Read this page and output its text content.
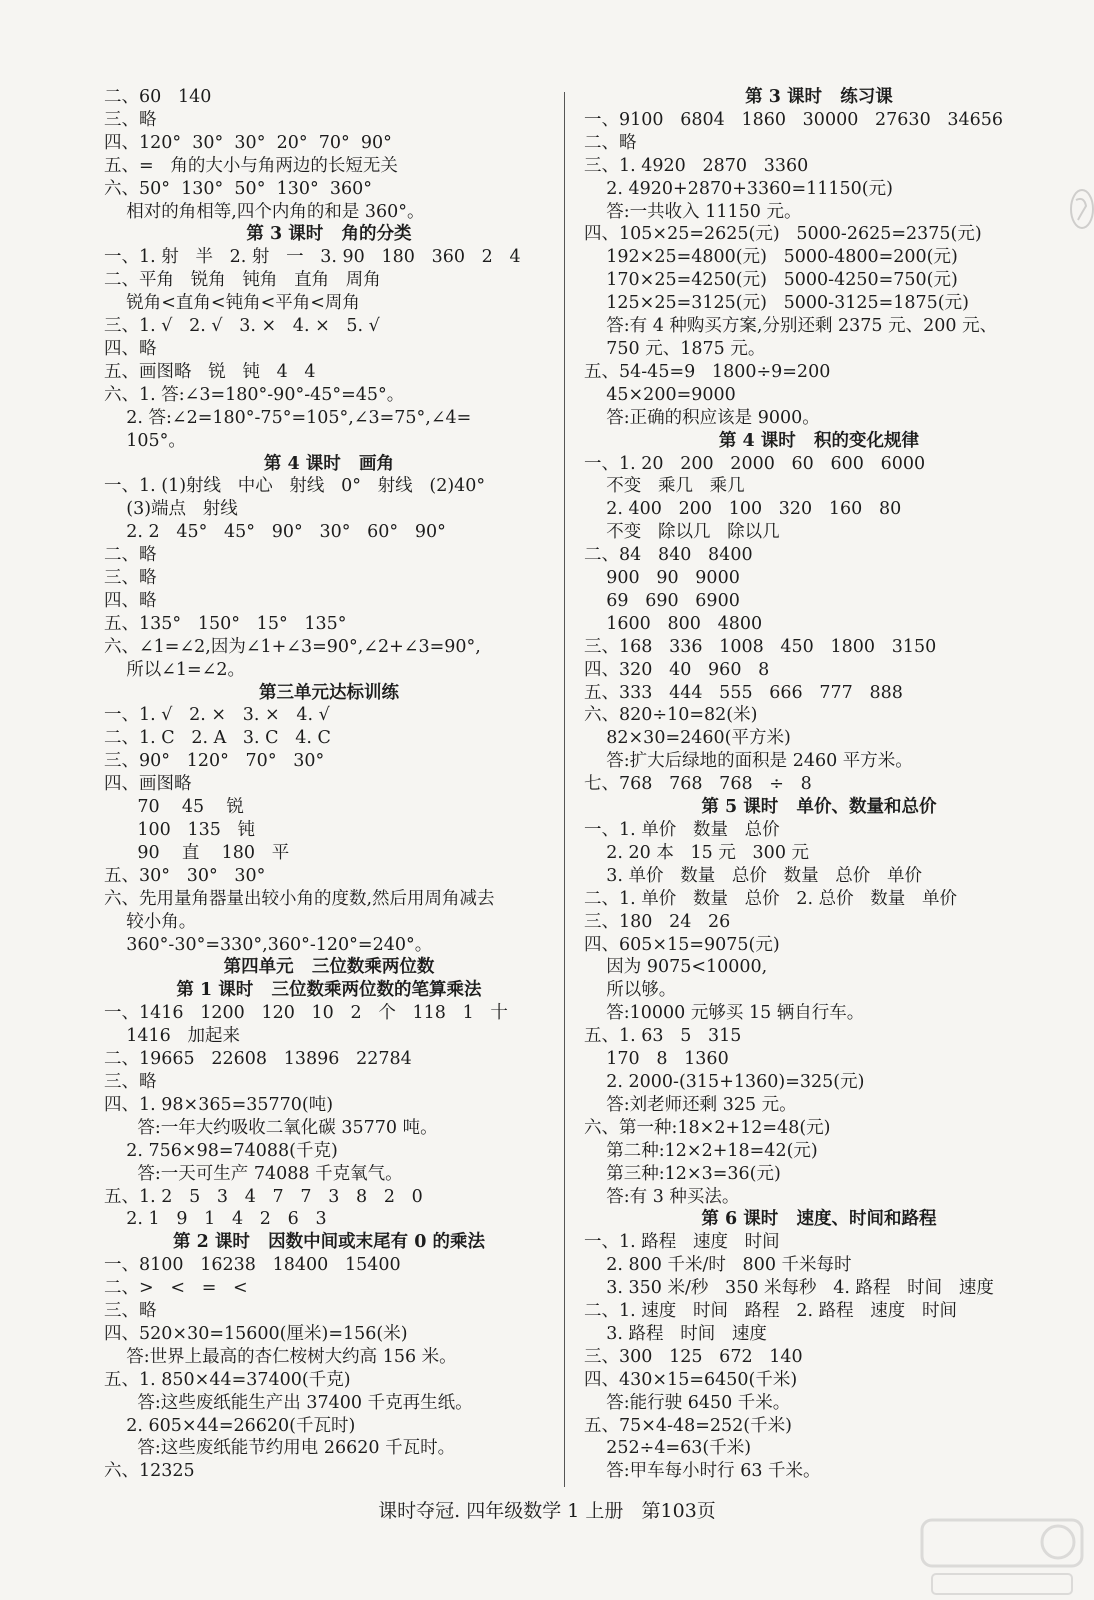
二、60   140
三、略
四、120°  30°  30°  20°  70°  90°
五、=   角的大小与角两边的长短无关
六、50°  130°  50°  130°  360°
相对的角相等,四个内角的和是 360°。
第 3 课时   角的分类
一、1. 射   半   2. 射   一   3. 90   180   360   2   4
二、平角   锐角   钝角   直角   周角
锐角<直角<钝角<平角<周角
三、1. √   2. √   3. ×   4. ×   5. √
四、略
五、画图略   锐   钝   4   4
六、1. 答:∠3=180°-90°-45°=45°。
2. 答:∠2=180°-75°=105°,∠3=75°,∠4=
105°。
第 4 课时   画角
一、1. (1)射线   中心   射线   0°   射线   (2)40°
(3)端点   射线
2. 2   45°   45°   90°   30°   60°   90°
二、略
三、略
四、略
五、135°   150°   15°   135°
六、∠1=∠2,因为∠1+∠3=90°,∠2+∠3=90°,
所以∠1=∠2。
第三单元达标训练
一、1. √   2. ×   3. ×   4. √
二、1. C   2. A   3. C   4. C
三、90°   120°   70°   30°
四、画图略
70    45    锐
100   135   钝
90    直    180   平
五、30°   30°   30°
六、先用量角器量出较小角的度数,然后用周角减去
较小角。
360°-30°=330°,360°-120°=240°。
第四单元   三位数乘两位数
第 1 课时   三位数乘两位数的笔算乘法
一、1416   1200   120   10   2   个   118   1   十
1416   加起来
二、19665   22608   13896   22784
三、略
四、1. 98×365=35770(吨)
答:一年大约吸收二氧化碳 35770 吨。
2. 756×98=74088(千克)
答:一天可生产 74088 千克氧气。
五、1. 2   5   3   4   7   7   3   8   2   0
2. 1   9   1   4   2   6   3
第 2 课时   因数中间或末尾有 0 的乘法
一、8100   16238   18400   15400
二、>   <   =   <
三、略
四、520×30=15600(厘米)=156(米)
答:世界上最高的杏仁桉树大约高 156 米。
五、1. 850×44=37400(千克)
答:这些废纸能生产出 37400 千克再生纸。
2. 605×44=26620(千瓦时)
答:这些废纸能节约用电 26620 千瓦时。
六、12325
第 3 课时   练习课
一、9100   6804   1860   30000   27630   34656
二、略
三、1. 4920   2870   3360
2. 4920+2870+3360=11150(元)
答:一共收入 11150 元。
四、105×25=2625(元)   5000-2625=2375(元)
192×25=4800(元)   5000-4800=200(元)
170×25=4250(元)   5000-4250=750(元)
125×25=3125(元)   5000-3125=1875(元)
答:有 4 种购买方案,分别还剩 2375 元、200 元、
750 元、1875 元。
五、54-45=9   1800÷9=200
45×200=9000
答:正确的积应该是 9000。
第 4 课时   积的变化规律
一、1. 20   200   2000   60   600   6000
不变   乘几   乘几
2. 400   200   100   320   160   80
不变   除以几   除以几
二、84   840   8400
900   90   9000
69   690   6900
1600   800   4800
三、168   336   1008   450   1800   3150
四、320   40   960   8
五、333   444   555   666   777   888
六、820÷10=82(米)
82×30=2460(平方米)
答:扩大后绿地的面积是 2460 平方米。
七、768   768   768   ÷   8
第 5 课时   单价、数量和总价
一、1. 单价   数量   总价
2. 20 本   15 元   300 元
3. 单价   数量   总价   数量   总价   单价
二、1. 单价   数量   总价   2. 总价   数量   单价
三、180   24   26
四、605×15=9075(元)
因为 9075<10000,
所以够。
答:10000 元够买 15 辆自行车。
五、1. 63   5   315
170   8   1360
2. 2000-(315+1360)=325(元)
答:刘老师还剩 325 元。
六、第一种:18×2+12=48(元)
第二种:12×2+18=42(元)
第三种:12×3=36(元)
答:有 3 种买法。
第 6 课时   速度、时间和路程
一、1. 路程   速度   时间
2. 800 千米/时   800 千米每时
3. 350 米/秒   350 米每秒   4. 路程   时间   速度
二、1. 速度   时间   路程   2. 路程   速度   时间
3. 路程   时间   速度
三、300   125   672   140
四、430×15=6450(千米)
答:能行驶 6450 千米。
五、75×4-48=252(千米)
252÷4=63(千米)
答:甲车每小时行 63 千米。
课时夺冠. 四年级数学 1 上册   第103页
